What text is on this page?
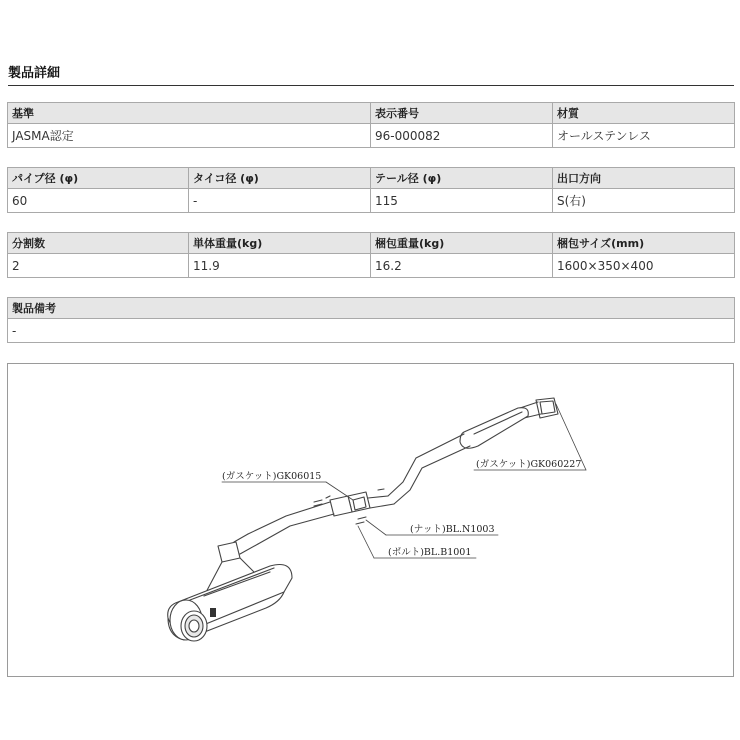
製品詳細
基準	表示番号	材質
JASMA認定	96-000082	オールステンレス
パイプ径 (φ)	タイコ径 (φ)	テール径 (φ)	出口方向
60	-	115	S(右)
分割数	単体重量(kg)	梱包重量(kg)	梱包サイズ(mm)
2	11.9	16.2	1600×350×400
製品備考
-
(ガスケット)GK06015
(ガスケット)GK060227
(ナット)BL.N1003
(ボルト)BL.B1001
